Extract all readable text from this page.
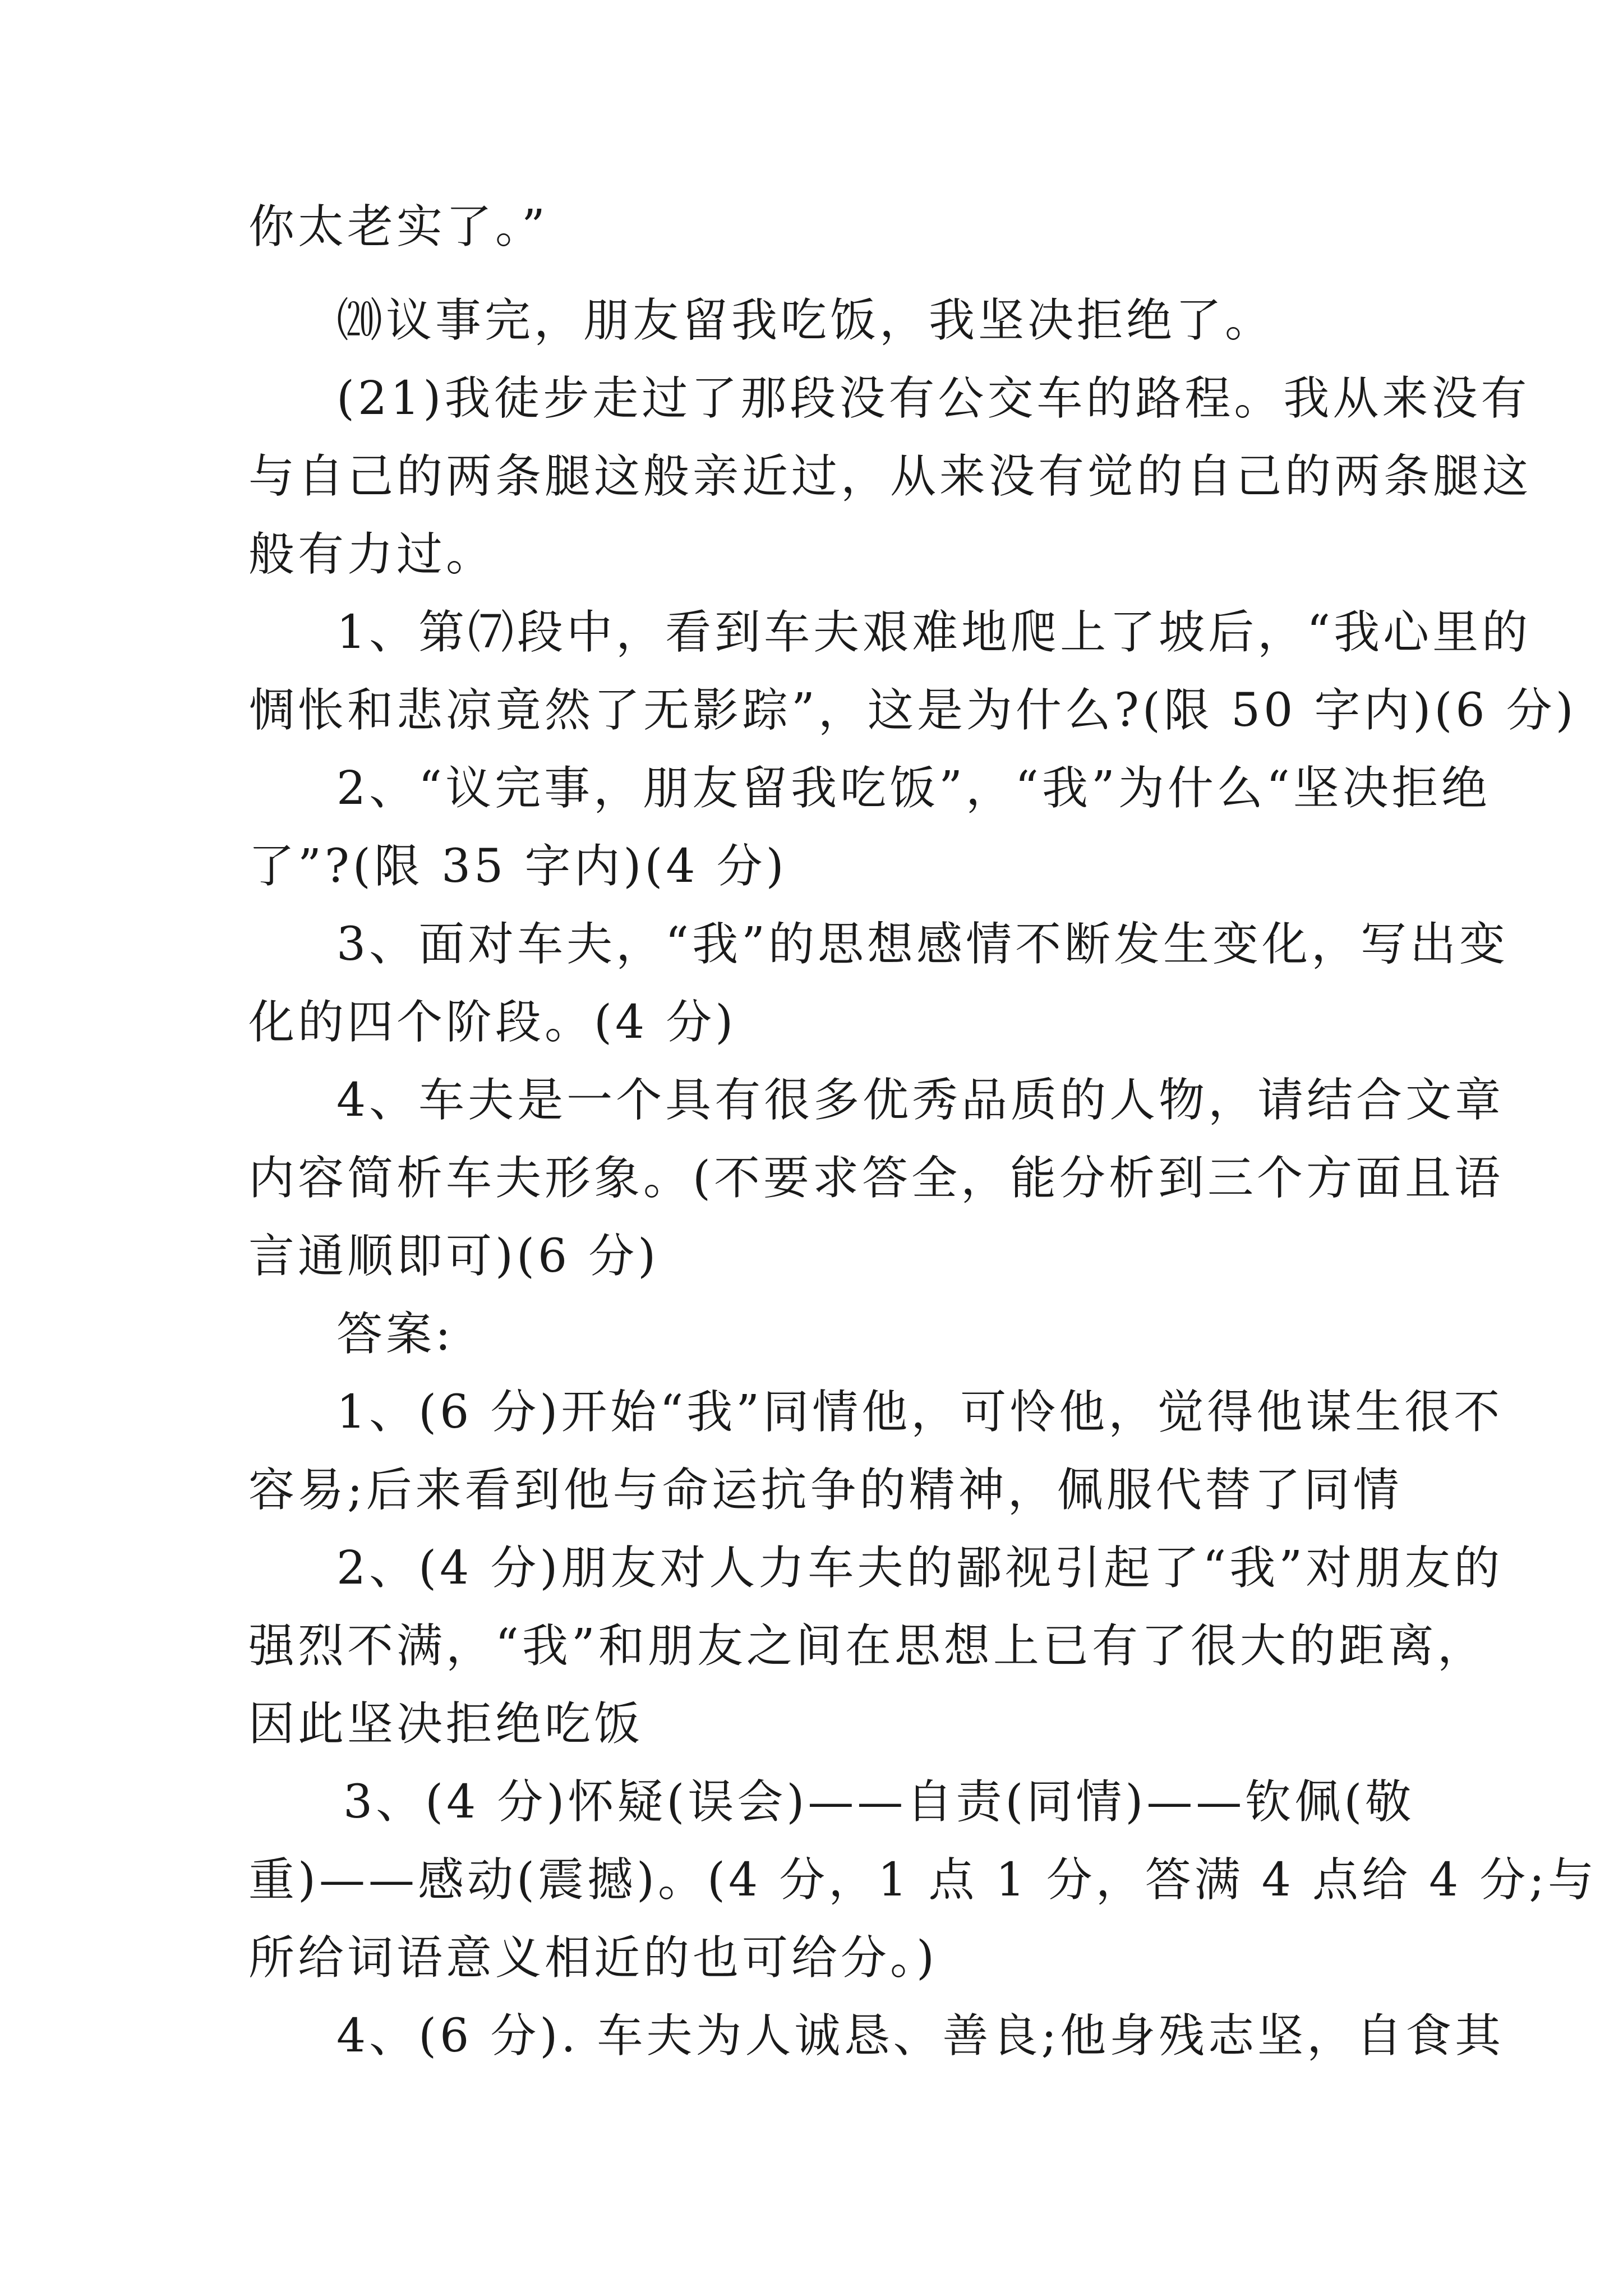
你太老实了。”

⒇议事完，朋友留我吃饭，我坚决拒绝了。

(21)我徒步走过了那段没有公交车的路程。我从来没有

与自己的两条腿这般亲近过，从来没有觉的自己的两条腿这

般有力过。

1、第⑺段中，看到车夫艰难地爬上了坡后，“我心里的

惆怅和悲凉竟然了无影踪”，这是为什么?(限 50 字内)(6 分)

2、“议完事，朋友留我吃饭”，“我”为什么“坚决拒绝

了”?(限 35 字内)(4 分)

3、面对车夫，“我”的思想感情不断发生变化，写出变

化的四个阶段。(4 分)

4、车夫是一个具有很多优秀品质的人物，请结合文章

内容简析车夫形象。(不要求答全，能分析到三个方面且语

言通顺即可)(6 分)

答案:

1、(6 分)开始“我”同情他，可怜他，觉得他谋生很不

容易;后来看到他与命运抗争的精神，佩服代替了同情

2、(4 分)朋友对人力车夫的鄙视引起了“我”对朋友的

强烈不满，“我”和朋友之间在思想上已有了很大的距离，

因此坚决拒绝吃饭

3、(4 分)怀疑(误会)——自责(同情)——钦佩(敬

重)——感动(震撼)。(4 分，1 点 1 分，答满 4 点给 4 分;与

所给词语意义相近的也可给分。)

4、(6 分). 车夫为人诚恳、善良;他身残志坚，自食其
